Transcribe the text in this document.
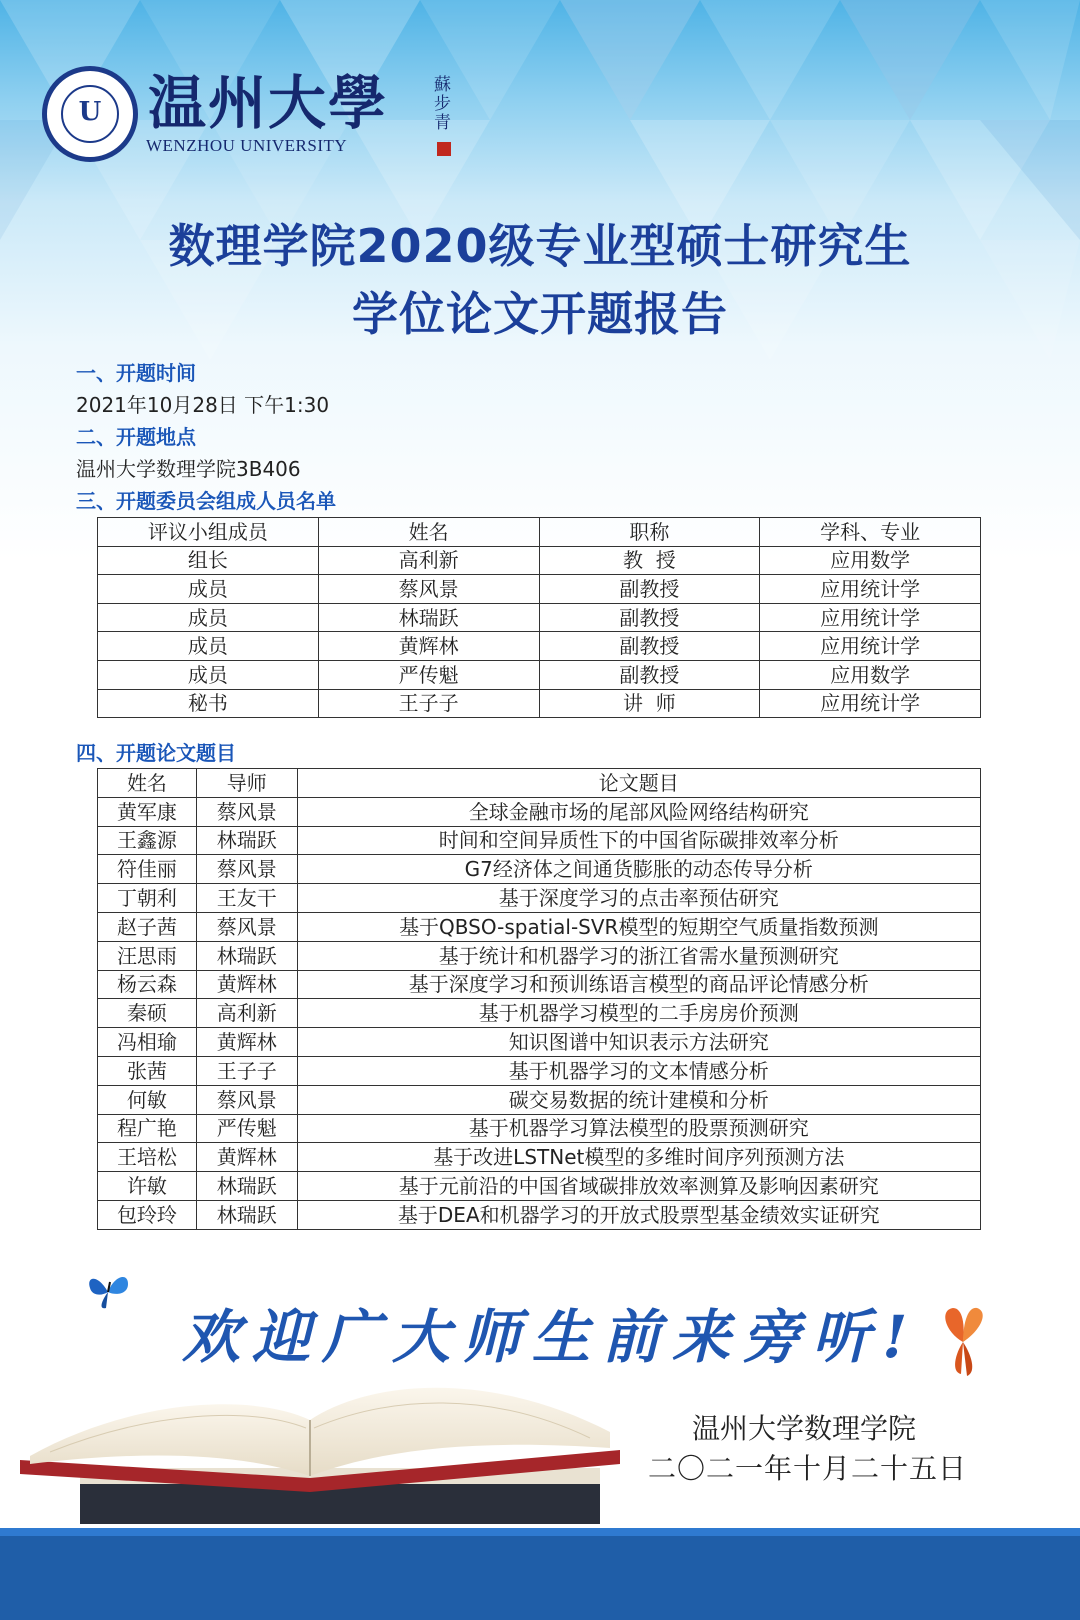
U 温州大學
WENZHOU UNIVERSITY
蘇步青
数理学院2020级专业型硕士研究生
学位论文开题报告
一、开题时间
2021年10月28日 下午1:30
二、开题地点
温州大学数理学院3B406
三、开题委员会组成人员名单
评议小组成员	姓名	职称	学科、专业
组长	高利新	教  授	应用数学
成员	蔡风景	副教授	应用统计学
成员	林瑞跃	副教授	应用统计学
成员	黄辉林	副教授	应用统计学
成员	严传魁	副教授	应用数学
秘书	王子子	讲  师	应用统计学
四、开题论文题目
姓名	导师	论文题目
黄军康	蔡风景	全球金融市场的尾部风险网络结构研究
王鑫源	林瑞跃	时间和空间异质性下的中国省际碳排效率分析
符佳丽	蔡风景	G7经济体之间通货膨胀的动态传导分析
丁朝利	王友干	基于深度学习的点击率预估研究
赵子茜	蔡风景	基于QBSO-spatial-SVR模型的短期空气质量指数预测
汪思雨	林瑞跃	基于统计和机器学习的浙江省需水量预测研究
杨云森	黄辉林	基于深度学习和预训练语言模型的商品评论情感分析
秦硕	高利新	基于机器学习模型的二手房房价预测
冯相瑜	黄辉林	知识图谱中知识表示方法研究
张茜	王子子	基于机器学习的文本情感分析
何敏	蔡风景	碳交易数据的统计建模和分析
程广艳	严传魁	基于机器学习算法模型的股票预测研究
王培松	黄辉林	基于改进LSTNet模型的多维时间序列预测方法
许敏	林瑞跃	基于元前沿的中国省域碳排放效率测算及影响因素研究
包玲玲	林瑞跃	基于DEA和机器学习的开放式股票型基金绩效实证研究
欢迎广大师生前来旁听!
温州大学数理学院
二〇二一年十月二十五日
